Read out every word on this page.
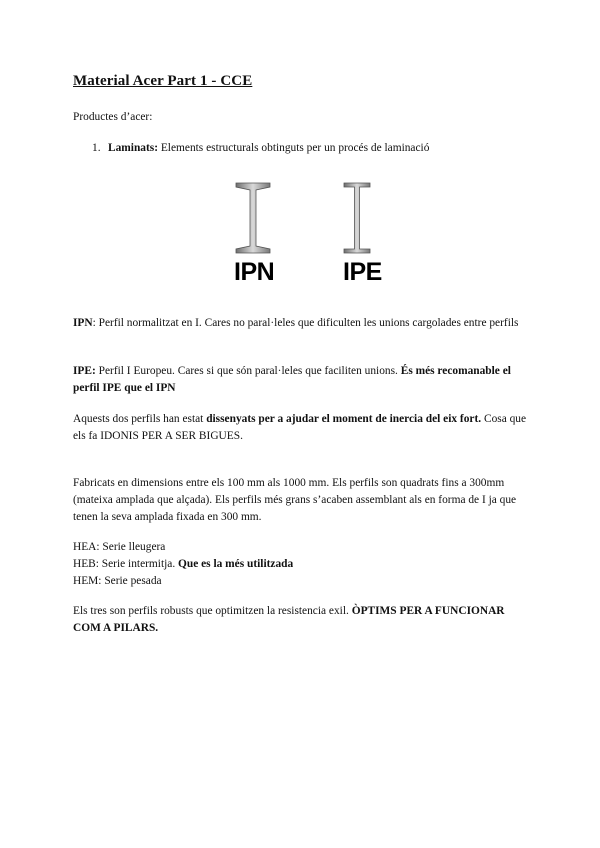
Material Acer Part 1 - CCE
Productes d’acer:
1. Laminats: Elements estructurals obtinguts per un procés de laminació
IPN	IPE
IPN: Perfil normalitzat en I. Cares no paral·leles que dificulten les unions cargolades entre perfils
IPE: Perfil I Europeu. Cares si que són paral·leles que faciliten unions. És més recomanable el perfil IPE que el IPN
Aquests dos perfils han estat dissenyats per a ajudar el moment de inercia del eix fort. Cosa que els fa IDONIS PER A SER BIGUES.
Fabricats en dimensions entre els 100 mm als 1000 mm. Els perfils son quadrats fins a 300mm (mateixa amplada que alçada). Els perfils més grans s’acaben assemblant als en forma de I ja que tenen la seva amplada fixada en 300 mm.
HEA: Serie lleugera
HEB: Serie intermitja. Que es la més utilitzada
HEM: Serie pesada
Els tres son perfils robusts que optimitzen la resistencia exil. ÒPTIMS PER A FUNCIONAR COM A PILARS.
